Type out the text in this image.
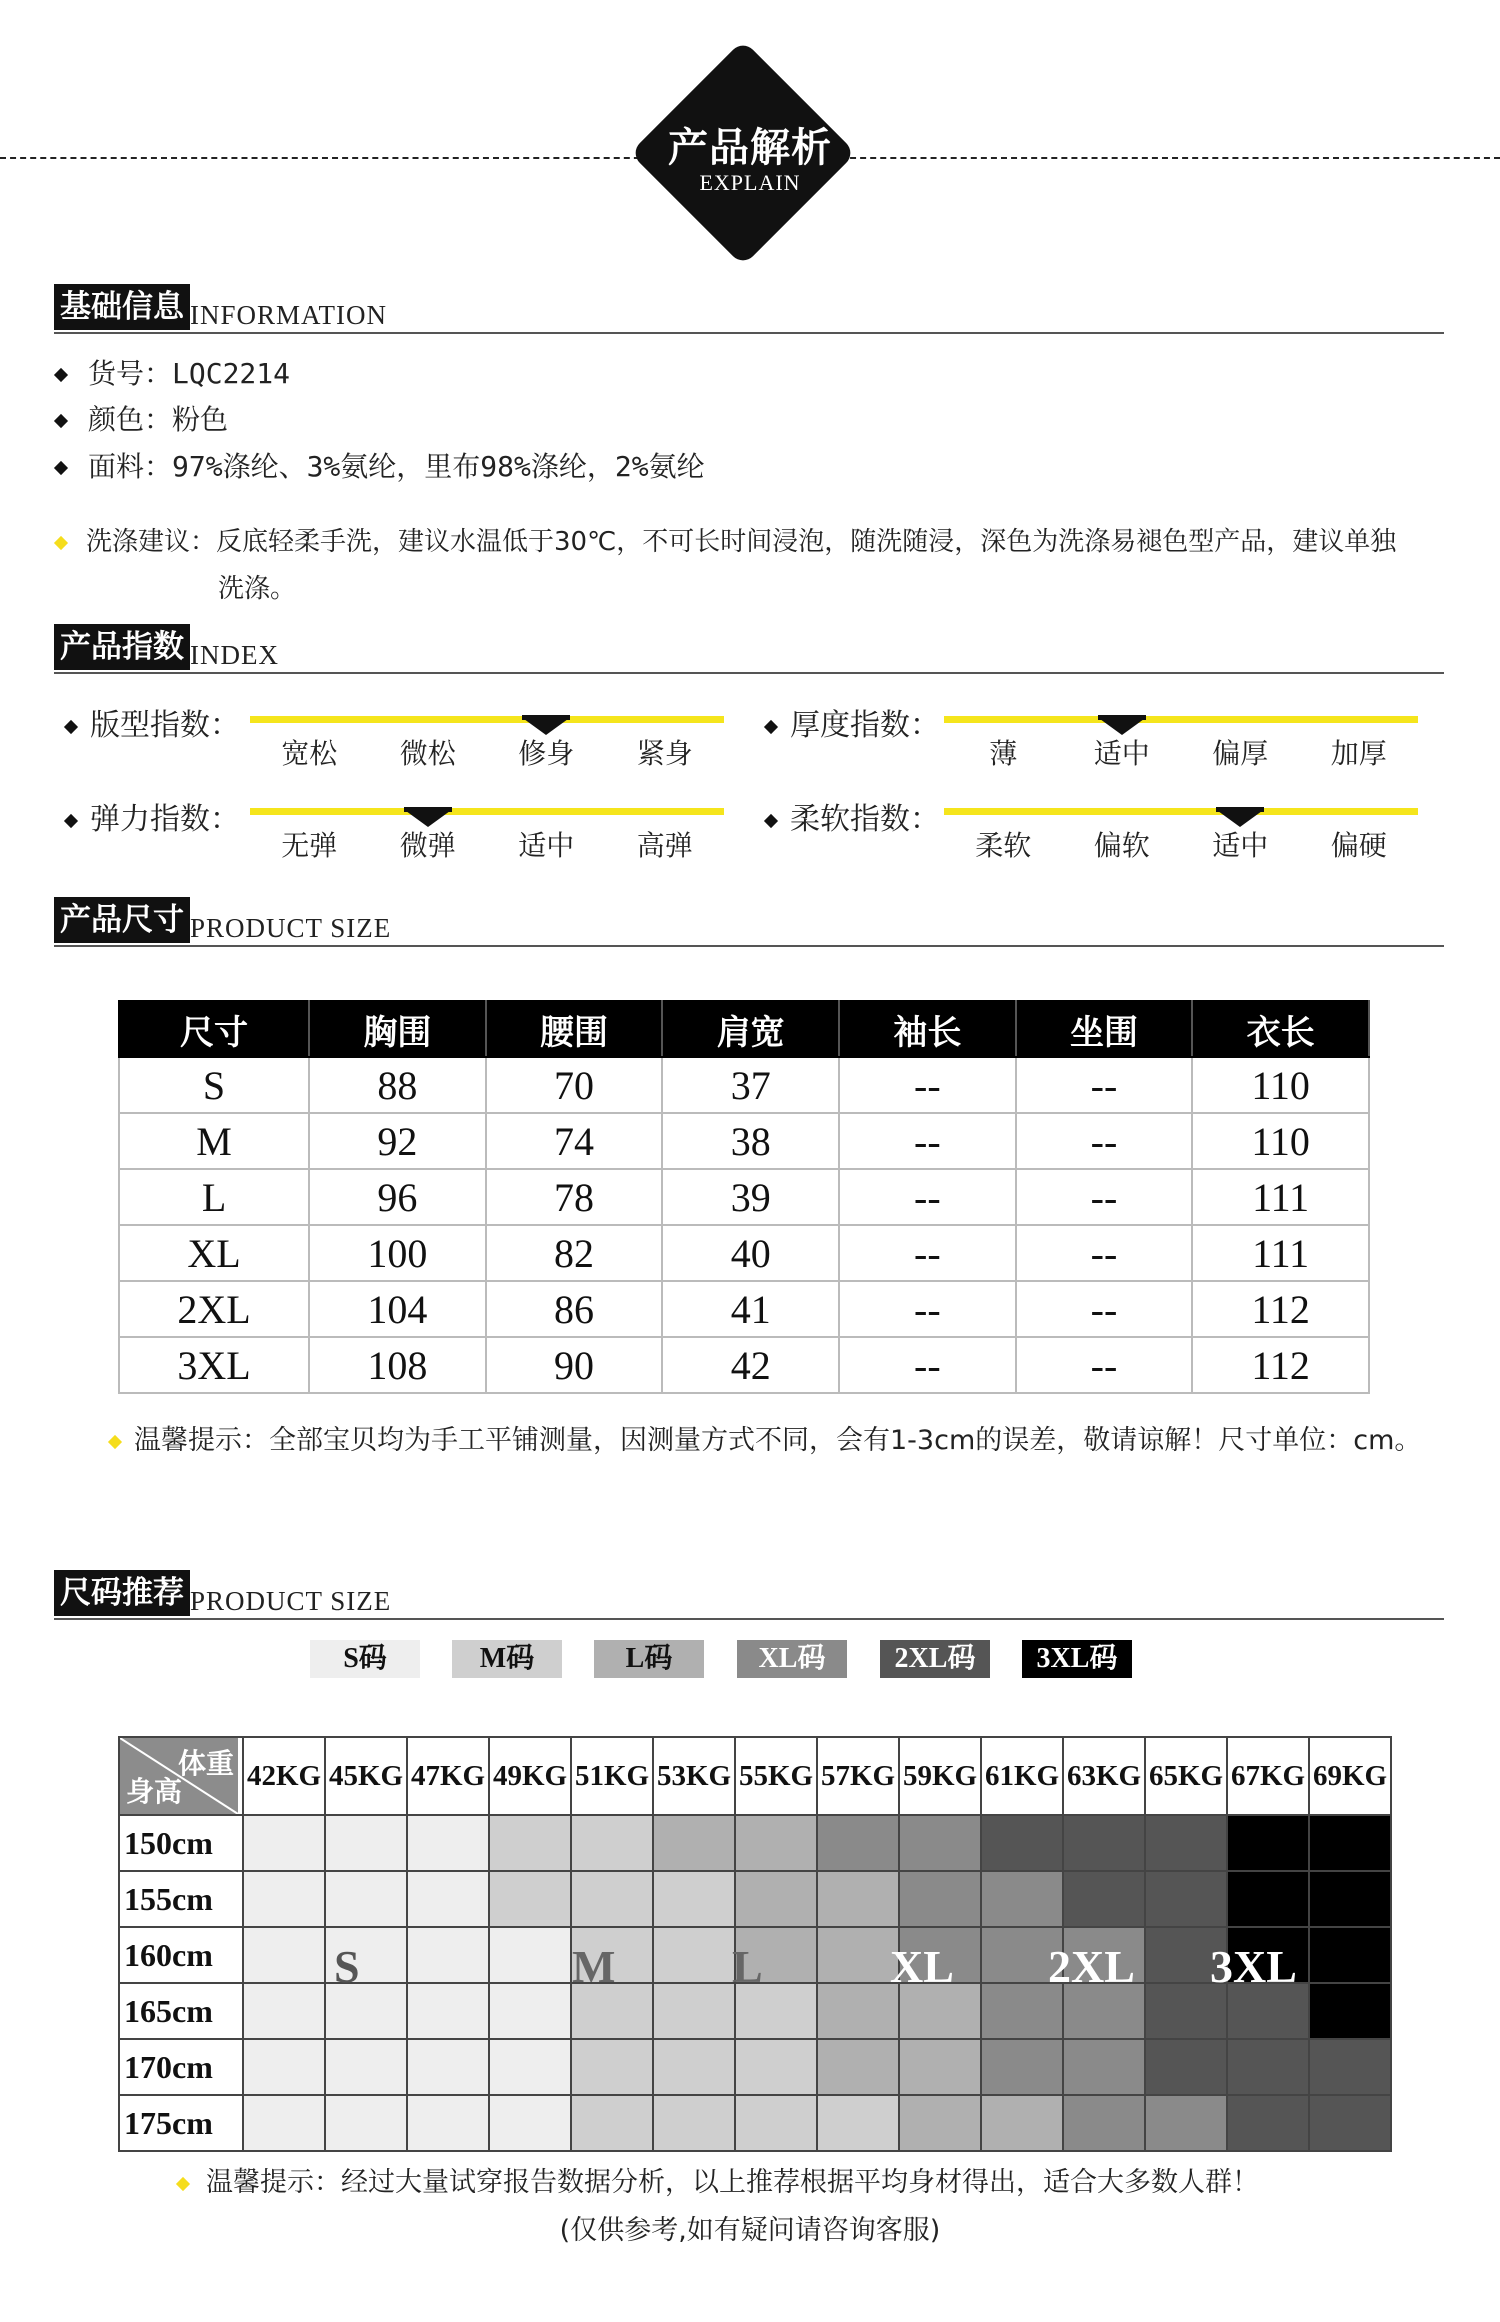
产品解析
EXPLAIN
基础信息 INFORMATION
货号：LQC2214
颜色：粉色
面料：97%涤纶、3%氨纶，里布98%涤纶，2%氨纶
洗涤建议：反底轻柔手洗，建议水温低于30℃，不可长时间浸泡，随洗随浸，深色为洗涤易褪色型产品，建议单独
洗涤。
产品指数 INDEX
版型指数：
宽松	微松	修身	紧身
厚度指数：
薄	适中	偏厚	加厚
弹力指数：
无弹	微弹	适中	高弹
柔软指数：
柔软	偏软	适中	偏硬
产品尺寸 PRODUCT SIZE
尺寸	胸围	腰围	肩宽	袖长	坐围	衣长
S	88	70	37	--	--	110
M	92	74	38	--	--	110
L	96	78	39	--	--	111
XL	100	82	40	--	--	111
2XL	104	86	41	--	--	112
3XL	108	90	42	--	--	112
温馨提示：全部宝贝均为手工平铺测量，因测量方式不同，会有1-3cm的误差，敬请谅解！尺寸单位：cm。
尺码推荐 PRODUCT SIZE
S码	M码	L码	XL码	2XL码	3XL码
体重
身高	42KG	45KG	47KG	49KG	51KG	53KG	55KG	57KG	59KG	61KG	63KG	65KG	67KG	69KG
150cm														
155cm														
160cm														
165cm														
170cm														
175cm														
S	M	L	XL 2XL 3XL
温馨提示：经过大量试穿报告数据分析，以上推荐根据平均身材得出，适合大多数人群！
(仅供参考,如有疑问请咨询客服)
